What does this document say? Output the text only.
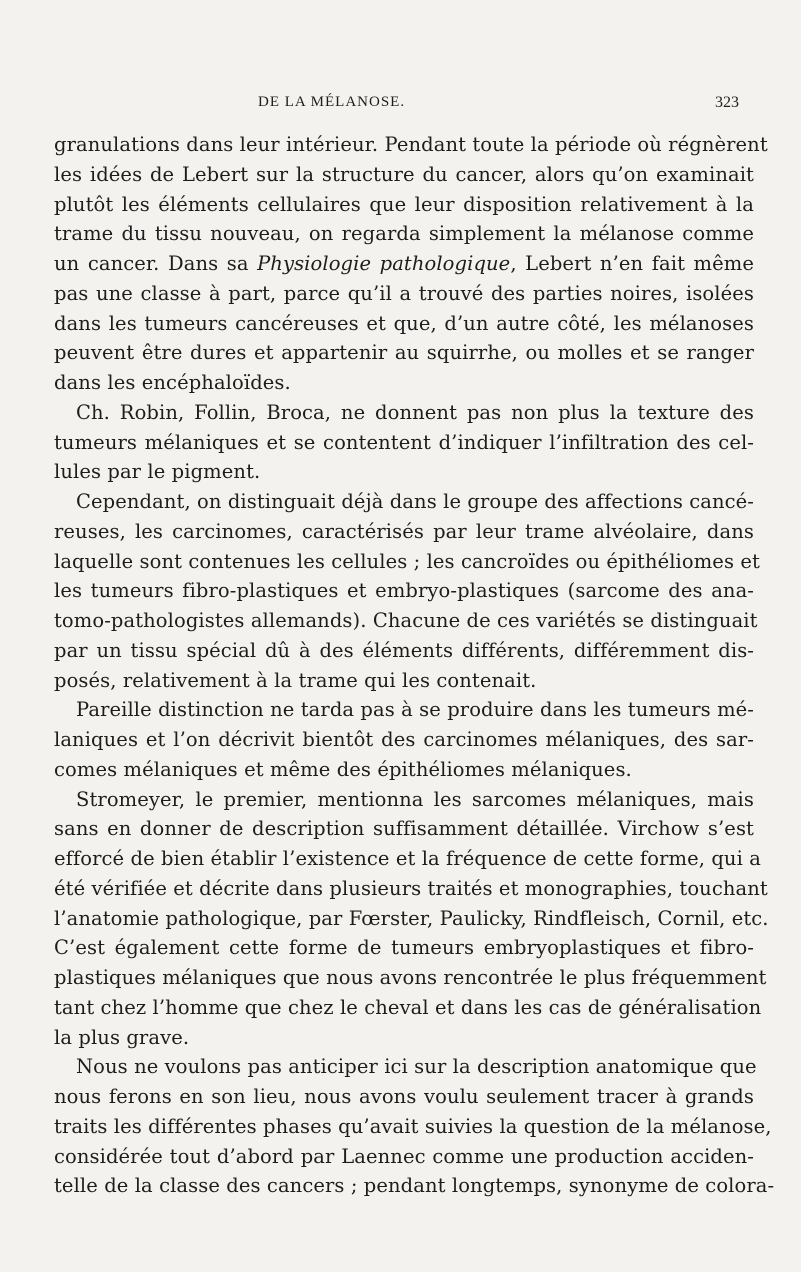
DE LA MÉLANOSE.	323
granulations dans leur intérieur. Pendant toute la période où régnèrent
les idées de Lebert sur la structure du cancer, alors qu’on examinait
plutôt les éléments cellulaires que leur disposition relativement à la
trame du tissu nouveau, on regarda simplement la mélanose comme
un cancer. Dans sa Physiologie pathologique, Lebert n’en fait même
pas une classe à part, parce qu’il a trouvé des parties noires, isolées
dans les tumeurs cancéreuses et que, d’un autre côté, les mélanoses
peuvent être dures et appartenir au squirrhe, ou molles et se ranger
dans les encéphaloïdes.
Ch. Robin, Follin, Broca, ne donnent pas non plus la texture des
tumeurs mélaniques et se contentent d’indiquer l’infiltration des cel-
lules par le pigment.
Cependant, on distinguait déjà dans le groupe des affections cancé-
reuses, les carcinomes, caractérisés par leur trame alvéolaire, dans
laquelle sont contenues les cellules ; les cancroïdes ou épithéliomes et
les tumeurs fibro-plastiques et embryo-plastiques (sarcome des ana-
tomo-pathologistes allemands). Chacune de ces variétés se distinguait
par un tissu spécial dû à des éléments différents, différemment dis-
posés, relativement à la trame qui les contenait.
Pareille distinction ne tarda pas à se produire dans les tumeurs mé-
laniques et l’on décrivit bientôt des carcinomes mélaniques, des sar-
comes mélaniques et même des épithéliomes mélaniques.
Stromeyer, le premier, mentionna les sarcomes mélaniques, mais
sans en donner de description suffisamment détaillée. Virchow s’est
efforcé de bien établir l’existence et la fréquence de cette forme, qui a
été vérifiée et décrite dans plusieurs traités et monographies, touchant
l’anatomie pathologique, par Fœrster, Paulicky, Rindfleisch, Cornil, etc.
C’est également cette forme de tumeurs embryoplastiques et fibro-
plastiques mélaniques que nous avons rencontrée le plus fréquemment
tant chez l’homme que chez le cheval et dans les cas de généralisation
la plus grave.
Nous ne voulons pas anticiper ici sur la description anatomique que
nous ferons en son lieu, nous avons voulu seulement tracer à grands
traits les différentes phases qu’avait suivies la question de la mélanose,
considérée tout d’abord par Laennec comme une production acciden-
telle de la classe des cancers ; pendant longtemps, synonyme de colora-
